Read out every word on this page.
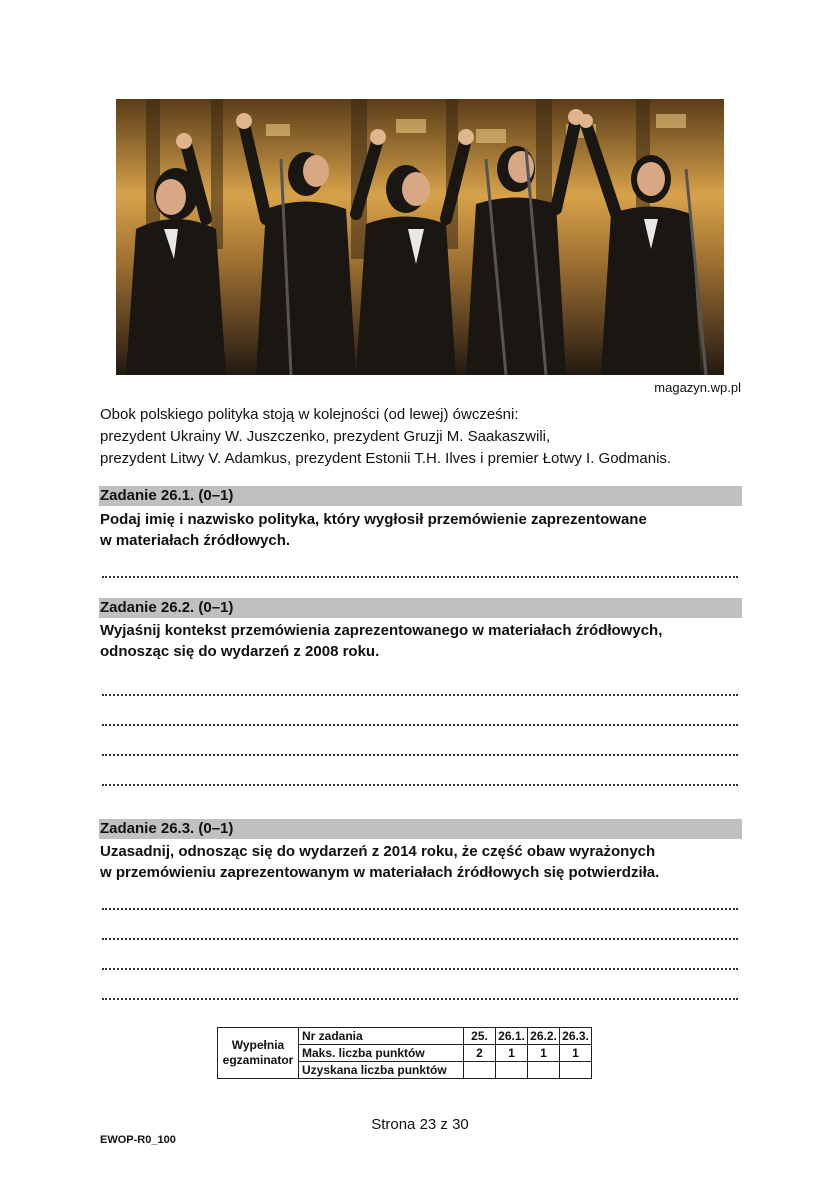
magazyn.wp.pl
Obok polskiego polityka stoją w kolejności (od lewej) ówcześni:
prezydent Ukrainy W. Juszczenko, prezydent Gruzji M. Saakaszwili,
prezydent Litwy V. Adamkus, prezydent Estonii T.H. Ilves i premier Łotwy I. Godmanis.
Zadanie 26.1. (0–1)
Podaj imię i nazwisko polityka, który wygłosił przemówienie zaprezentowane
w materiałach źródłowych.
Zadanie 26.2. (0–1)
Wyjaśnij kontekst przemówienia zaprezentowanego w materiałach źródłowych,
odnosząc się do wydarzeń z 2008 roku.
Zadanie 26.3. (0–1)
Uzasadnij, odnosząc się do wydarzeń z 2014 roku, że część obaw wyrażonych
w przemówieniu zaprezentowanym w materiałach źródłowych się potwierdziła.
Wypełnia
egzaminator	Nr zadania	25.	26.1.	26.2.	26.3.
	Maks. liczba punktów	2	1	1	1
	Uzyskana liczba punktów				
Strona 23 z 30
EWOP-R0_100
